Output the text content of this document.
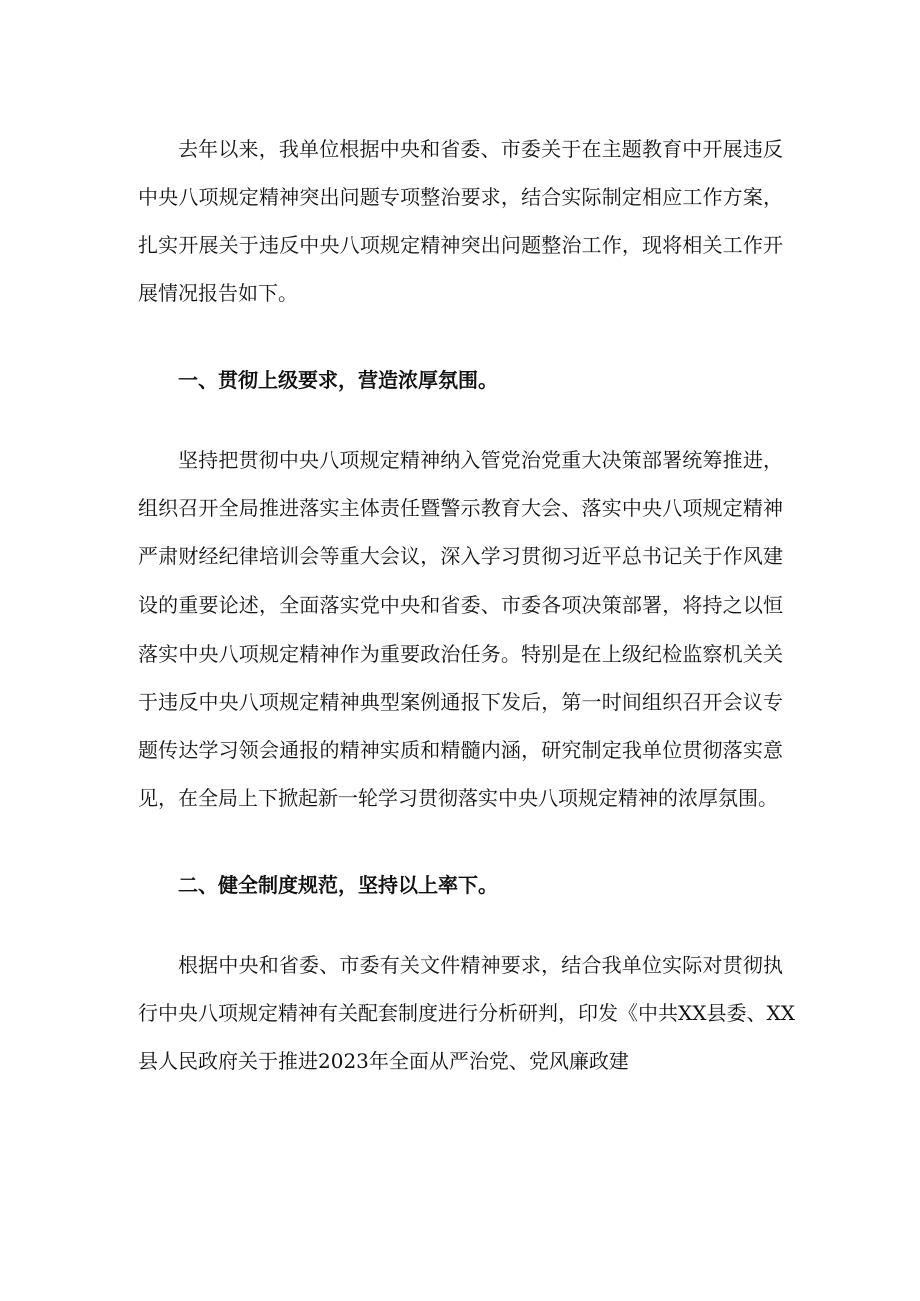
去年以来，我单位根据中央和省委、市委关于在主题教育中开展违反

中央八项规定精神突出问题专项整治要求，结合实际制定相应工作方案，

扎实开展关于违反中央八项规定精神突出问题整治工作，现将相关工作开

展情况报告如下。

一、贯彻上级要求，营造浓厚氛围。

坚持把贯彻中央八项规定精神纳入管党治党重大决策部署统筹推进，

组织召开全局推进落实主体责任暨警示教育大会、落实中央八项规定精神

严肃财经纪律培训会等重大会议，深入学习贯彻习近平总书记关于作风建

设的重要论述，全面落实党中央和省委、市委各项决策部署，将持之以恒

落实中央八项规定精神作为重要政治任务。特别是在上级纪检监察机关关

于违反中央八项规定精神典型案例通报下发后，第一时间组织召开会议专

题传达学习领会通报的精神实质和精髓内涵，研究制定我单位贯彻落实意

见，在全局上下掀起新一轮学习贯彻落实中央八项规定精神的浓厚氛围。

二、健全制度规范，坚持以上率下。

根据中央和省委、市委有关文件精神要求，结合我单位实际对贯彻执

行中央八项规定精神有关配套制度进行分析研判，印发《中共XX县委、XX

县人民政府关于推进2023年全面从严治党、党风廉政建
